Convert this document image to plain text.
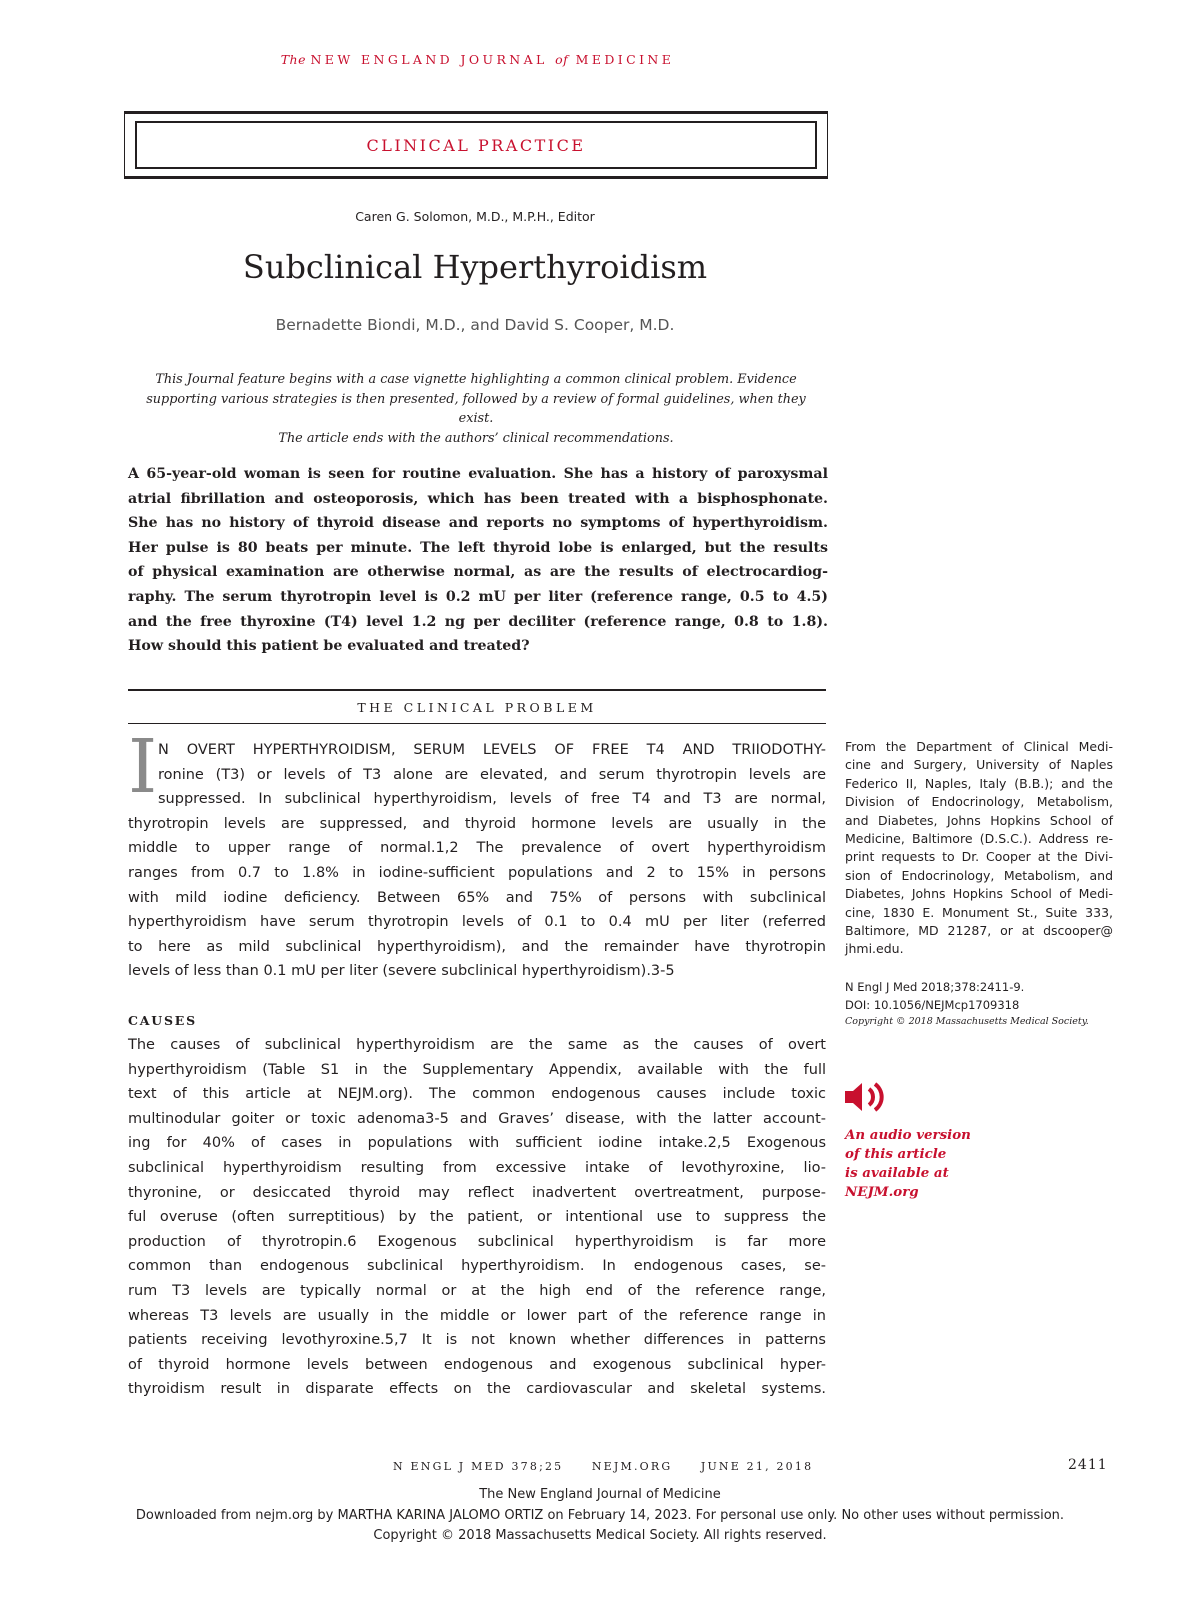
The NEW ENGLAND JOURNAL of MEDICINE
CLINICAL PRACTICE
Caren G. Solomon, M.D., M.P.H., Editor
Subclinical Hyperthyroidism
Bernadette Biondi, M.D., and David S. Cooper, M.D.
This Journal feature begins with a case vignette highlighting a common clinical problem. Evidence
supporting various strategies is then presented, followed by a review of formal guidelines, when they exist.
The article ends with the authors’ clinical recommendations.
A 65-year-old woman is seen for routine evaluation. She has a history of paroxysmal
atrial fibrillation and osteoporosis, which has been treated with a bisphosphonate.
She has no history of thyroid disease and reports no symptoms of hyperthyroidism.
Her pulse is 80 beats per minute. The left thyroid lobe is enlarged, but the results
of physical examination are otherwise normal, as are the results of electrocardiog-
raphy. The serum thyrotropin level is 0.2 mU per liter (reference range, 0.5 to 4.5)
and the free thyroxine (T4) level 1.2 ng per deciliter (reference range, 0.8 to 1.8).
How should this patient be evaluated and treated?
THE CLINICAL PROBLEM
I N OVERT HYPERTHYROIDISM, SERUM LEVELS OF FREE T4 AND TRIIODOTHY-
ronine (T3) or levels of T3 alone are elevated, and serum thyrotropin levels are
suppressed. In subclinical hyperthyroidism, levels of free T4 and T3 are normal,
thyrotropin levels are suppressed, and thyroid hormone levels are usually in the
middle to upper range of normal.1,2 The prevalence of overt hyperthyroidism
ranges from 0.7 to 1.8% in iodine-sufficient populations and 2 to 15% in persons
with mild iodine deficiency. Between 65% and 75% of persons with subclinical
hyperthyroidism have serum thyrotropin levels of 0.1 to 0.4 mU per liter (referred
to here as mild subclinical hyperthyroidism), and the remainder have thyrotropin
levels of less than 0.1 mU per liter (severe subclinical hyperthyroidism).3-5
CAUSES
The causes of subclinical hyperthyroidism are the same as the causes of overt
hyperthyroidism (Table S1 in the Supplementary Appendix, available with the full
text of this article at NEJM.org). The common endogenous causes include toxic
multinodular goiter or toxic adenoma3-5 and Graves’ disease, with the latter account-
ing for 40% of cases in populations with sufficient iodine intake.2,5 Exogenous
subclinical hyperthyroidism resulting from excessive intake of levothyroxine, lio-
thyronine, or desiccated thyroid may reflect inadvertent overtreatment, purpose-
ful overuse (often surreptitious) by the patient, or intentional use to suppress the
production of thyrotropin.6 Exogenous subclinical hyperthyroidism is far more
common than endogenous subclinical hyperthyroidism. In endogenous cases, se-
rum T3 levels are typically normal or at the high end of the reference range,
whereas T3 levels are usually in the middle or lower part of the reference range in
patients receiving levothyroxine.5,7 It is not known whether differences in patterns
of thyroid hormone levels between endogenous and exogenous subclinical hyper-
thyroidism result in disparate effects on the cardiovascular and skeletal systems.
From the Department of Clinical Medi-
cine and Surgery, University of Naples
Federico II, Naples, Italy (B.B.); and the
Division of Endocrinology, Metabolism,
and Diabetes, Johns Hopkins School of
Medicine, Baltimore (D.S.C.). Address re-
print requests to Dr. Cooper at the Divi-
sion of Endocrinology, Metabolism, and
Diabetes, Johns Hopkins School of Medi-
cine, 1830 E. Monument St., Suite 333,
Baltimore, MD 21287, or at dscooper@
jhmi.edu.
N Engl J Med 2018;378:2411-9.
DOI: 10.1056/NEJMcp1709318
Copyright © 2018 Massachusetts Medical Society.
An audio version
of this article
is available at
NEJM.org
N ENGL J MED 378;25     NEJM.ORG     JUNE 21, 2018	2411
The New England Journal of Medicine
Downloaded from nejm.org by MARTHA KARINA JALOMO ORTIZ on February 14, 2023. For personal use only. No other uses without permission.
Copyright © 2018 Massachusetts Medical Society. All rights reserved.
